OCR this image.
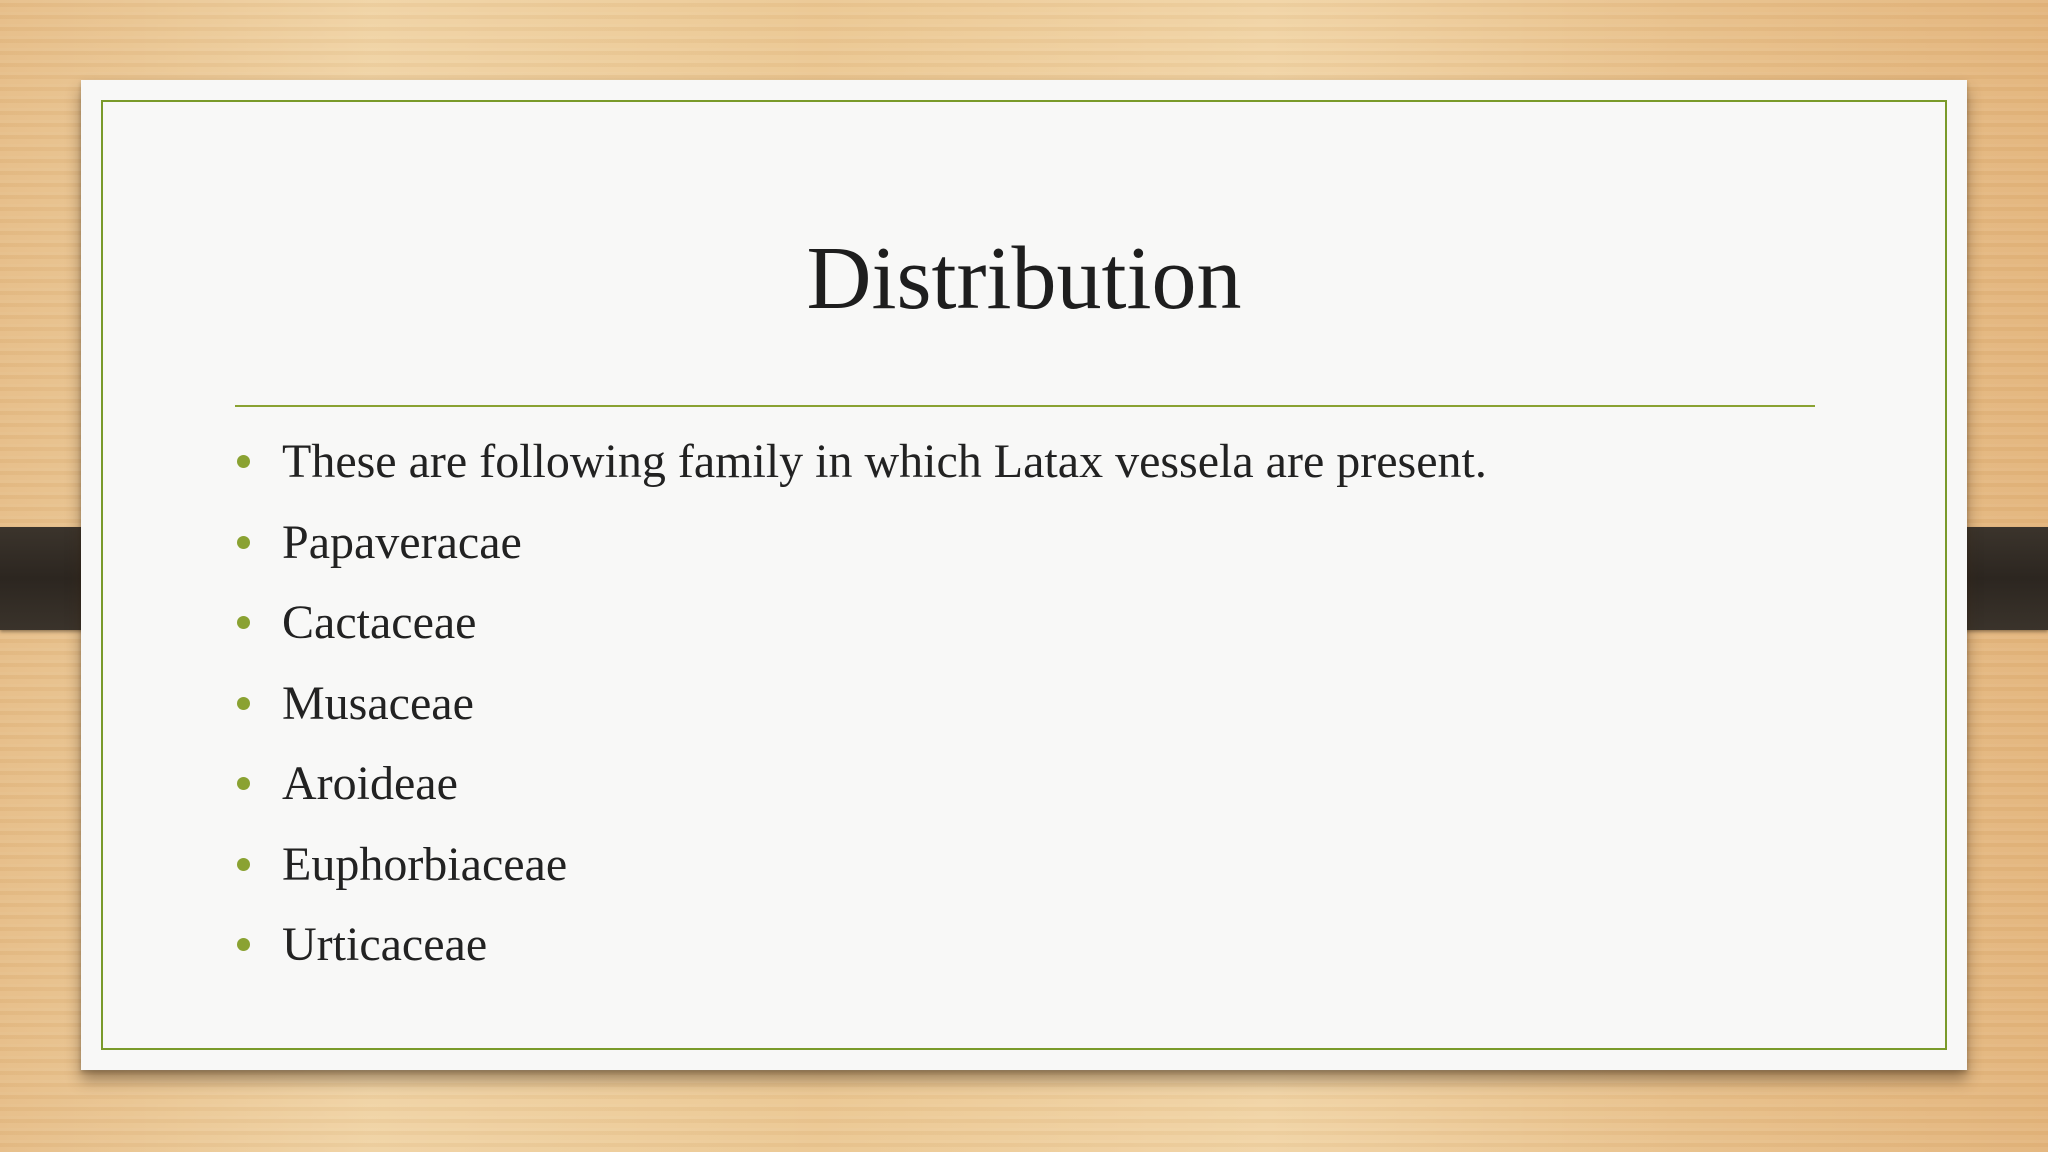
Distribution
These are following family in which Latax vessela are present.
Papaveracae
Cactaceae
Musaceae
Aroideae
Euphorbiaceae
Urticaceae
